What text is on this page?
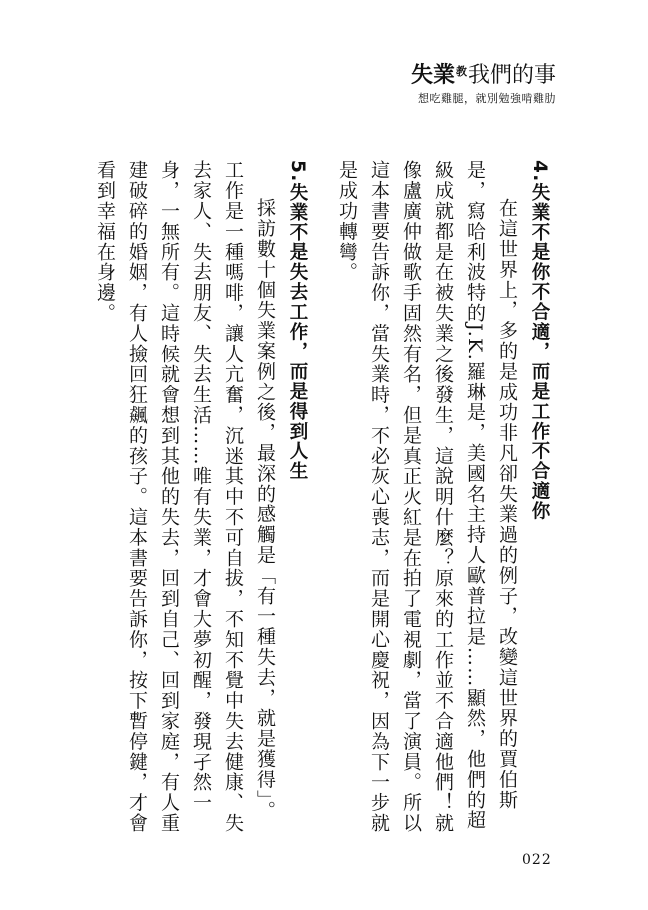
失業$^教$我們的事
想吃雞腿，就別勉強啃雞肋
4.失業不是你不合適，而是工作不合適你
在這世界上，多的是成功非凡卻失業過的例子，改變這世界的賈伯斯是，寫哈利波特的J.K.羅琳是，美國名主持人歐普拉是……顯然，他們的超級成就都是在被失業之後發生，這說明什麼？原來的工作並不合適他們！就像盧廣仲做歌手固然有名，但是真正火紅是在拍了電視劇，當了演員。所以這本書要告訴你，當失業時，不必灰心喪志，而是開心慶祝，因為下一步就是成功轉彎。
5.失業不是失去工作，而是得到人生
採訪數十個失業案例之後，最深的感觸是「有一種失去，就是獲得」。工作是一種嗎啡，讓人亢奮，沉迷其中不可自拔，不知不覺中失去健康、失去家人、失去朋友、失去生活……唯有失業，才會大夢初醒，發現孑然一身，一無所有。這時候就會想到其他的失去，回到自己、回到家庭，有人重建破碎的婚姻，有人撿回狂飆的孩子。這本書要告訴你，按下暫停鍵，才會看到幸福在身邊。
022
